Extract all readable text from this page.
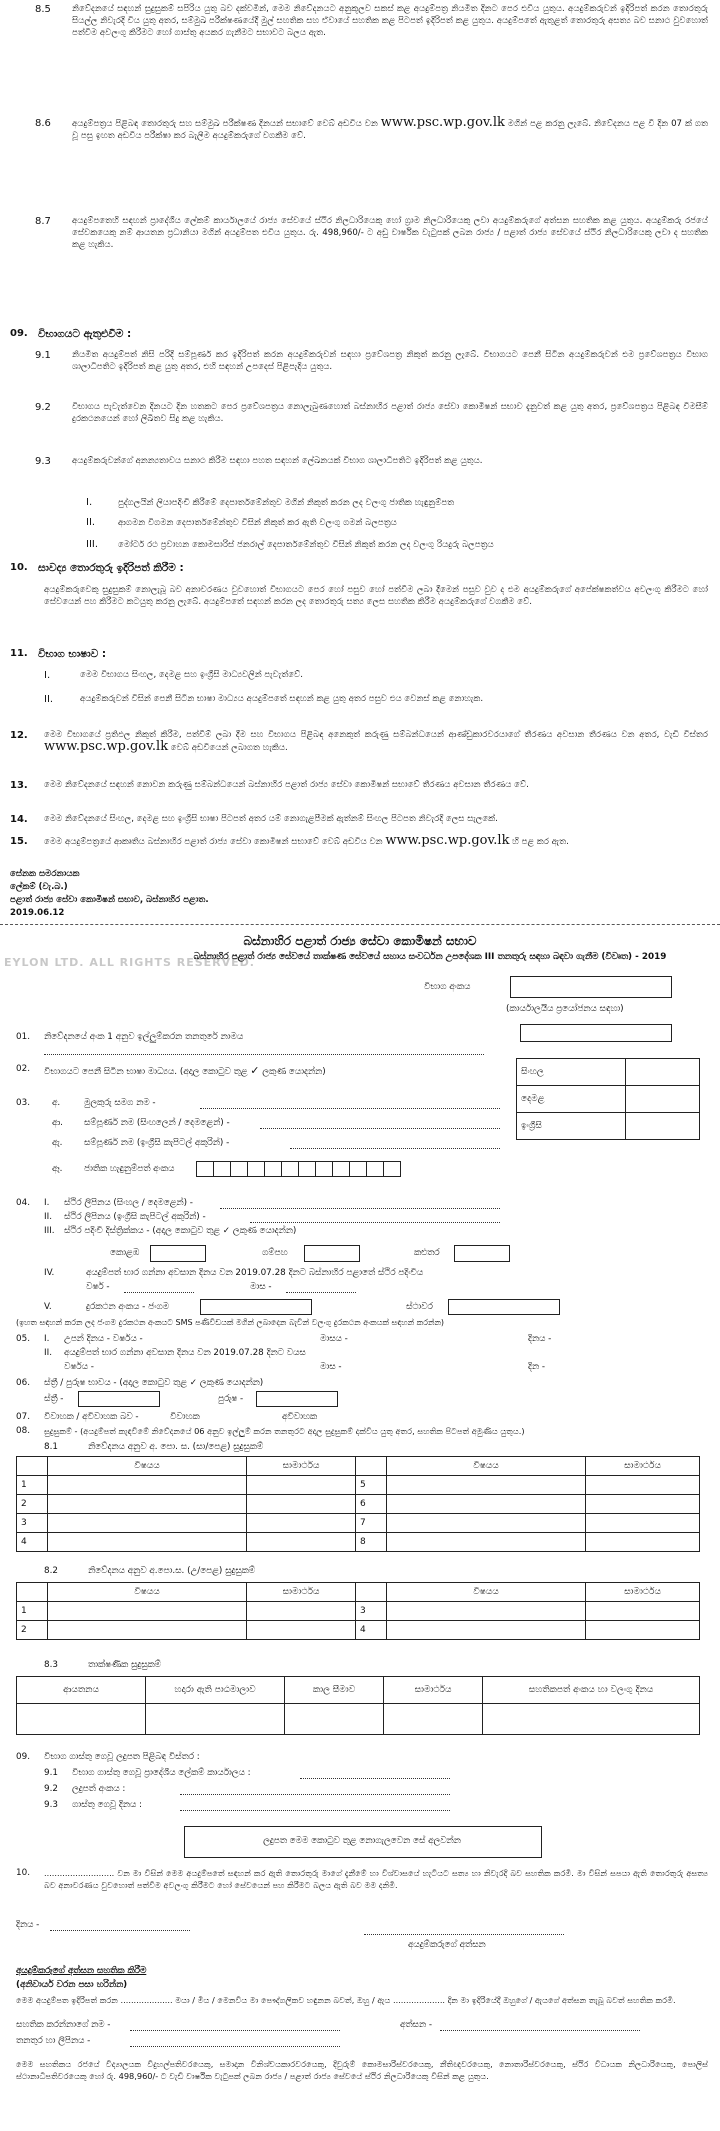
8.5 නිවේදනයේ සඳහන් සුදුසුකම් සපිරිය යුතු බව දක්වමින්, මෙම නිවේදනයට අනුකූලව සකස් කළ අයදුම්පත්‍ර නියමිත දිනට පෙර එවිය යුතුය. අයදුම්කරුවන් ඉදිරිපත් කරන තොරතුරු සියල්ල නිවැරදි විය යුතු අතර, සම්මුඛ පරීක්ෂණයේදී මුල් සහතික සහ ඒවායේ සහතික කළ පිටපත් ඉදිරිපත් කළ යුතුය. අයදුම්පතේ ඇතුළත් තොරතුරු අසත්‍ය බව සනාථ වුවහොත් පත්වීම අවලංගු කිරීමට හෝ ගාස්තු අයකර ගැනීමට සභාවට බලය ඇත.
8.6 අයදුම්පත්‍රය පිළිබඳ තොරතුරු සහ සම්මුඛ පරීක්ෂණ දිනයන් සභාවේ වෙබ් අඩවිය වන www.psc.wp.gov.lk මගින් පළ කරනු ලැබේ. නිවේදනය පළ වී දින 07 ක් ගත වූ පසු ඉහත අඩවිය පරීක්ෂා කර බැලීම අයදුම්කරුගේ වගකීම වේ.
8.7 අයදුම්පතෙහි සඳහන් ප්‍රාදේශීය ලේකම් කාර්යාලයේ රාජ්‍ය සේවයේ ස්ථිර නිලධාරියෙකු හෝ ග්‍රාම නිලධාරියෙකු ලවා අයදුම්කරුගේ අත්සන සහතික කළ යුතුය. අයදුම්කරු රජයේ සේවකයෙකු නම් ආයතන ප්‍රධානියා මගින් අයදුම්පත එවිය යුතුය. රු. 498,960/- ට අඩු වාර්ෂික වැටුපක් ලබන රාජ්‍ය / පළාත් රාජ්‍ය සේවයේ ස්ථිර නිලධාරියෙකු ලවා ද සහතික කළ හැකිය.
09. විභාගයට ඇතුළුවීම :
9.1 නියමිත අයදුම්පත් නිසි පරිදි සම්පූර්ණ කර ඉදිරිපත් කරන අයදුම්කරුවන් සඳහා ප්‍රවේශපත්‍ර නිකුත් කරනු ලැබේ. විභාගයට පෙනී සිටින අයදුම්කරුවන් එම ප්‍රවේශපත්‍රය විභාග ශාලාධිපතිට ඉදිරිපත් කළ යුතු අතර, එහි සඳහන් උපදෙස් පිළිපැදිය යුතුය.
9.2 විභාගය පැවැත්වෙන දිනයට දින හතකට පෙර ප්‍රවේශපත්‍රය නොලැබුණහොත් බස්නාහිර පළාත් රාජ්‍ය සේවා කොමිෂන් සභාව දැනුවත් කළ යුතු අතර, ප්‍රවේශපත්‍රය පිළිබඳ විමසීම් දුරකථනයෙන් හෝ ලිඛිතව සිදු කළ හැකිය.
9.3 අයදුම්කරුවන්ගේ අනන්‍යතාවය සනාථ කිරීම සඳහා පහත සඳහන් ලේඛනයක් විභාග ශාලාධිපතිට ඉදිරිපත් කළ යුතුය.
I.	පුද්ගලයින් ලියාපදිංචි කිරීමේ දෙපාර්තමේන්තුව මගින් නිකුත් කරන ලද වලංගු ජාතික හැඳුනුම්පත
II.	ආගමන විගමන දෙපාර්තමේන්තුව විසින් නිකුත් කර ඇති වලංගු ගමන් බලපත්‍රය
III. මෝටර් රථ ප්‍රවාහන කොමසාරිස් ජනරාල් දෙපාර්තමේන්තුව විසින් නිකුත් කරන ලද වලංගු රියදුරු බලපත්‍රය
10. සාවද්‍ය තොරතුරු ඉදිරිපත් කිරීම :
අයදුම්කරුවෙකු සුදුසුකම් නොලැබූ බව අනාවරණය වුවහොත් විභාගයට පෙර හෝ පසුව හෝ පත්වීම ලබා දීමෙන් පසුව වුව ද එම අයදුම්කරුගේ අපේක්ෂකත්වය අවලංගු කිරීමට හෝ සේවයෙන් පහ කිරීමට කටයුතු කරනු ලැබේ. අයදුම්පතේ සඳහන් කරන ලද තොරතුරු සත්‍ය ලෙස සහතික කිරීම අයදුම්කරුගේ වගකීම වේ.
11. විභාග භාෂාව :
I.	මෙම විභාගය සිංහල, දෙමළ සහ ඉංග්‍රීසි මාධ්‍යවලින් පැවැත්වේ.
II.	අයදුම්කරුවන් විසින් පෙනී සිටින භාෂා මාධ්‍යය අයදුම්පතේ සඳහන් කළ යුතු අතර පසුව එය වෙනස් කළ නොහැක.
12. මෙම විභාගයේ ප්‍රතිඵල නිකුත් කිරීම, පත්වීම් ලබා දීම සහ විභාගය පිළිබඳ අනෙකුත් කරුණු සම්බන්ධයෙන් ආණ්ඩුකාරවරයාගේ තීරණය අවසාන තීරණය වන අතර, වැඩි විස්තර www.psc.wp.gov.lk වෙබ් අඩවියෙන් ලබාගත හැකිය.
13. මෙම නිවේදනයේ සඳහන් නොවන කරුණු සම්බන්ධයෙන් බස්නාහිර පළාත් රාජ්‍ය සේවා කොමිෂන් සභාවේ තීරණය අවසාන තීරණය වේ.
14. මෙම නිවේදනයේ සිංහල, දෙමළ සහ ඉංග්‍රීසි භාෂා පිටපත් අතර යම් නොගැළපීමක් ඇත්නම් සිංහල පිටපත නිවැරදි ලෙස සැලකේ.
15. මෙම අයදුම්පත්‍රයේ ආකෘතිය බස්නාහිර පළාත් රාජ්‍ය සේවා කොමිෂන් සභාවේ වෙබ් අඩවිය වන www.psc.wp.gov.lk හි පළ කර ඇත.
සේනක සමරනායක
ලේකම් (වැ.බ.)
පළාත් රාජ්‍ය සේවා කොමිෂන් සභාව, බස්නාහිර පළාත.
2019.06.12
EYLON LTD. ALL RIGHTS RESERVED.
බස්නාහිර පළාත් රාජ්‍ය සේවා කොමිෂන් සභාව
බස්නාහිර පළාත් රාජ්‍ය සේවයේ තාක්ෂණ සේවයේ සහාය සංවර්ධන උපදේශක III තනතුරු සඳහා බඳවා ගැනීම (විවෘත) - 2019
විභාග අංකය
(කාර්යාලයීය ප්‍රයෝජනය සඳහා)
01. නිවේදනයේ අංක 1 අනුව ඉල්ලුම්කරන තනතුරේ නාමය
02. විභාගයට පෙනී සිටින භාෂා මාධ්‍යය. (අදාල කොටුව තුළ ✓ ලකුණ යොදන්න)	සිංහල	
දෙමළ	
ඉංග්‍රීසි	
03.	අ.	මුලකුරු සමග නම -
ආ. සම්පූර්ණ නම (සිංහලෙන් / දෙමළෙන්) -
ඇ. සම්පූර්ණ නම (ඉංග්‍රීසි කැපිටල් අකුරින්) -
ඈ. ජාතික හැඳුනුම්පත් අංකය
04. I. ස්ථිර ලිපිනය (සිංහල / දෙමළෙන්) -
II. ස්ථිර ලිපිනය (ඉංග්‍රීසි කැපිටල් අකුරින්) -
III. ස්ථිර පදිංචි දිස්ත්‍රික්කය - (අදාල කොටුව තුළ ✓ ලකුණ යොදන්න)
කොළඹ	ගම්පහ	කළුතර
IV.	අයදුම්පත් භාර ගන්නා අවසාන දිනය වන 2019.07.28 දිනට බස්නාහිර පළාතේ ස්ථිර පදිංචිය
වර්ෂ -	මාස -
V.	දුරකථන අංකය - ජංගම	ස්ථාවර
(ඉහත සඳහන් කරන ලද ජංගම දුරකථන අංකයට SMS පණිවිඩයක් මගින් ලබාදෙන බැවින් වලංගු දුරකථන අංකයක් සඳහන් කරන්න)
05. I. උපන් දිනය - වර්ෂය -	මාසය -	දිනය -
II. අයදුම්පත් භාර ගන්නා අවසාන දිනය වන 2019.07.28 දිනට වයස
වර්ෂය -	මාස -	දින -
06. ස්ත්‍රී / පුරුෂ භාවය - (අදාල කොටුව තුළ ✓ ලකුණ යොදන්න)
ස්ත්‍රී -	පුරුෂ -
07. විවාහක / අවිවාහක බව -	විවාහක	අවිවාහක
08. සුදුසුකම් - (අයදුම්පත් කැඳවීමේ නිවේදනයේ 06 අනුව ඉල්ලුම් කරන තනතුරට අදාල සුදුසුකම් දක්විය යුතු අතර, සහතික පිටපත් අමුණිය යුතුය.)
8.1	නිවේදනය අනුව අ. පො. ස. (සා/පෙළ) සුදුසුකම්
	විෂයය	සාමාර්ථය		විෂයය	සාමාර්ථය
1			5		
2			6		
3			7		
4			8		
8.2	නිවේදනය අනුව අ.පො.ස. (උ/පෙළ) සුදුසුකම්
	විෂයය	සාමාර්ථය		විෂයය	සාමාර්ථය
1			3		
2			4		
8.3	තාක්ෂණික සුදුසුකම්
ආයතනය	හදාරා ඇති පාඨමාලාව	කාල සීමාව	සාමාර්ථය	සහතිකපත් අංකය හා වලංගු දිනය

09. විභාග ගාස්තු ගෙවූ ලදුපත පිළිබඳ විස්තර :
9.1 විභාග ගාස්තු ගෙවූ ප්‍රාදේශීය ලේකම් කාර්යාලය :
9.2 ලදුපත් අංකය :
9.3 ගාස්තු ගෙවූ දිනය :
ලදුපත මෙම කොටුව තුළ නොගැලවෙන සේ අලවන්න
10. ........................... වන මා විසින් මෙම අයදුම්පතේ සඳහන් කර ඇති තොරතුරු මාගේ දැනීමේ හා විශ්වාසයේ හැටියට සත්‍ය හා නිවැරදි බව සහතික කරමි. මා විසින් සපයා ඇති තොරතුරු අසත්‍ය බව අනාවරණය වුවහොත් පත්වීම අවලංගු කිරීමට හෝ සේවයෙන් පහ කිරීමට බලය ඇති බව මම දනිමි.
දිනය -
අයදුම්කරුගේ අත්සන
අයදුම්කරුගේ අත්සන සහතික කිරීම
(අනිවාර්ය වරන පසා හරින්න)
මෙම අයදුම්පත ඉදිරිපත් කරන .................... මයා / මිය / මෙනවිය මා පෞද්ගලිකව හඳුනන බවත්, ඔහු / ඇය .................... දින මා ඉදිරියේදී ඔහුගේ / ඇයගේ අත්සන තැබූ බවත් සහතික කරමි.
සහතික කරන්නාගේ නම -	අත්සන -
තනතුර හා ලිපිනය -
මෙම සහතිකය රජයේ විද්‍යාලයක විදුහල්පතිවරයෙකු, සමාදාන විනිශ්චයකාරවරයෙකු, දිවුරුම් කොමසාරිස්වරයෙකු, නීතිඥවරයෙකු, නොතාරිස්වරයෙකු, ස්ථිර විධායක නිලධාරියෙකු, පොලිස් ස්ථානාධිපතිවරයෙකු හෝ රු. 498,960/- ට වැඩි වාර්ෂික වැටුපක් ලබන රාජ්‍ය / පළාත් රාජ්‍ය සේවයේ ස්ථිර නිලධාරියෙකු විසින් කළ යුතුය.
